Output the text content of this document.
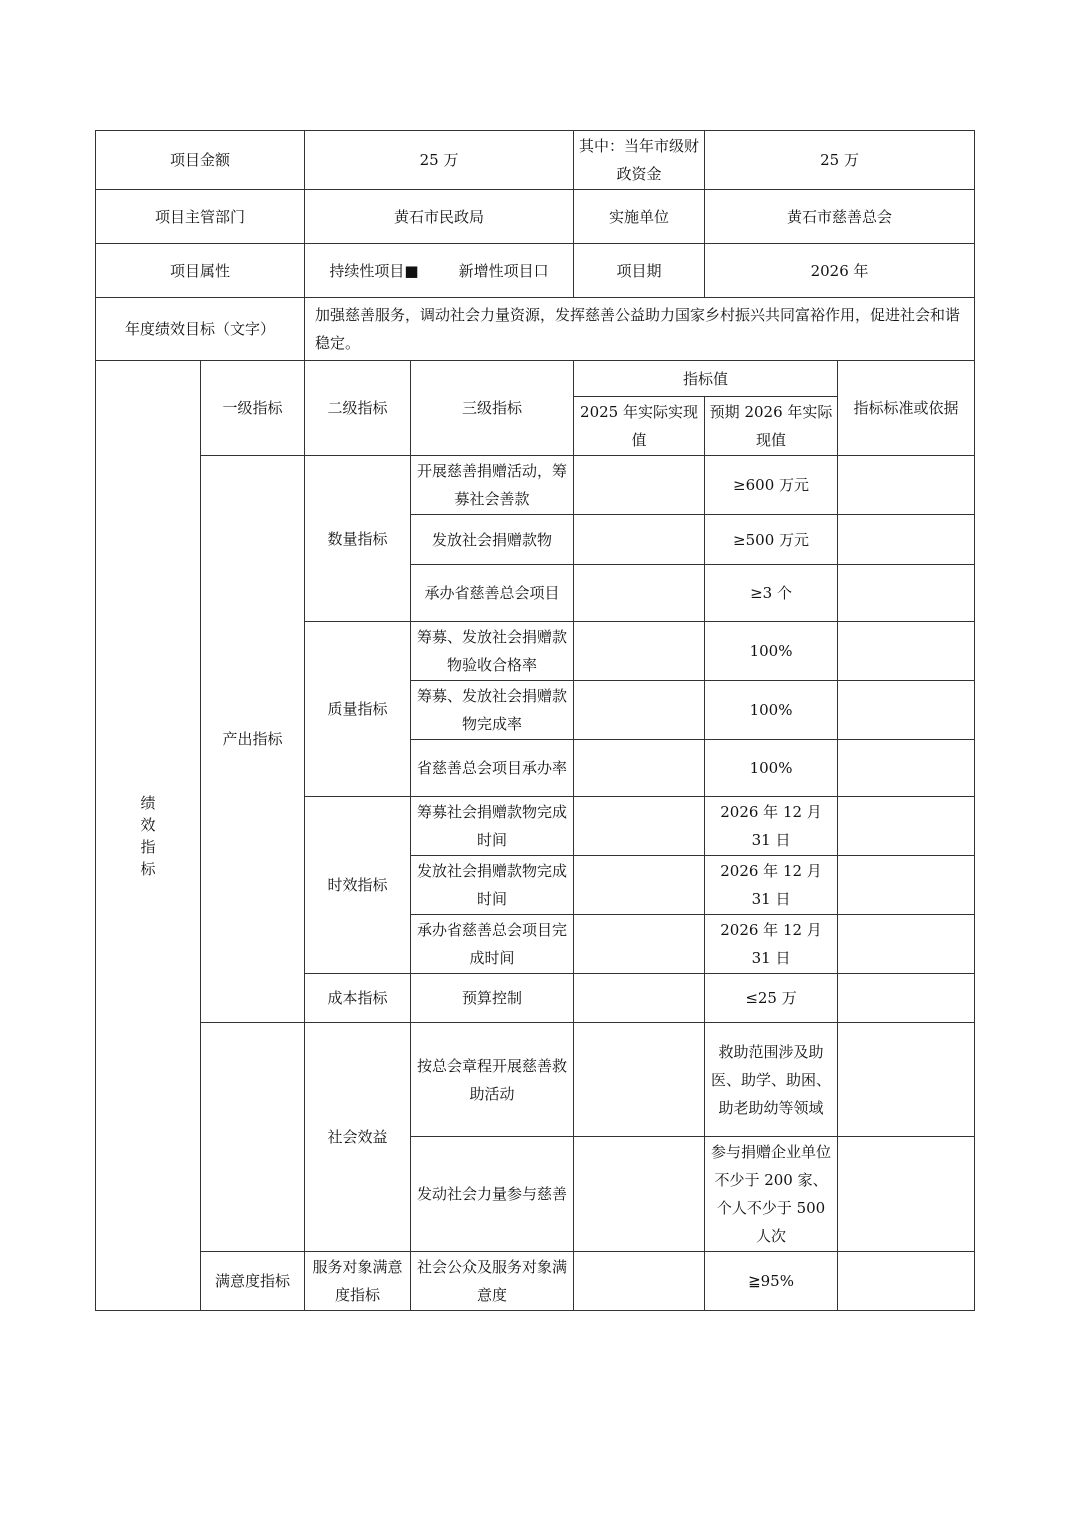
项目金额		25 万		其中：当年市级财政资金	25 万	
项目主管部门		黄石市民政局		实施单位	黄石市慈善总会	
项目属性		持续性项目■ 新增性项目口		项目期	2026 年	
年度绩效目标（文字）		加强慈善服务，调动社会力量资源，发挥慈善公益助力国家乡村振兴共同富裕作用，促进社会和谐稳定。				
绩效指标	一级指标	二级指标	三级指标	指标值		指标标准或依据
				2025 年实际实现值	预期 2026 年实际现值	
	产出指标	数量指标	开展慈善捐赠活动，筹募社会善款		≥600 万元	
			发放社会捐赠款物		≥500 万元	
			承办省慈善总会项目		≥3 个	
		质量指标	筹募、发放社会捐赠款物验收合格率		100%	
			筹募、发放社会捐赠款物完成率		100%	
			省慈善总会项目承办率		100%	
		时效指标	筹募社会捐赠款物完成时间		2026 年 12 月 31 日	
			发放社会捐赠款物完成时间		2026 年 12 月 31 日	
			承办省慈善总会项目完成时间		2026 年 12 月 31 日	
		成本指标	预算控制		≤25 万	
		社会效益	按总会章程开展慈善救助活动		救助范围涉及助医、助学、助困、助老助幼等领域	
			发动社会力量参与慈善		参与捐赠企业单位不少于 200 家、个人不少于 500 人次	
	满意度指标	服务对象满意度指标	社会公众及服务对象满意度		≧95%	
